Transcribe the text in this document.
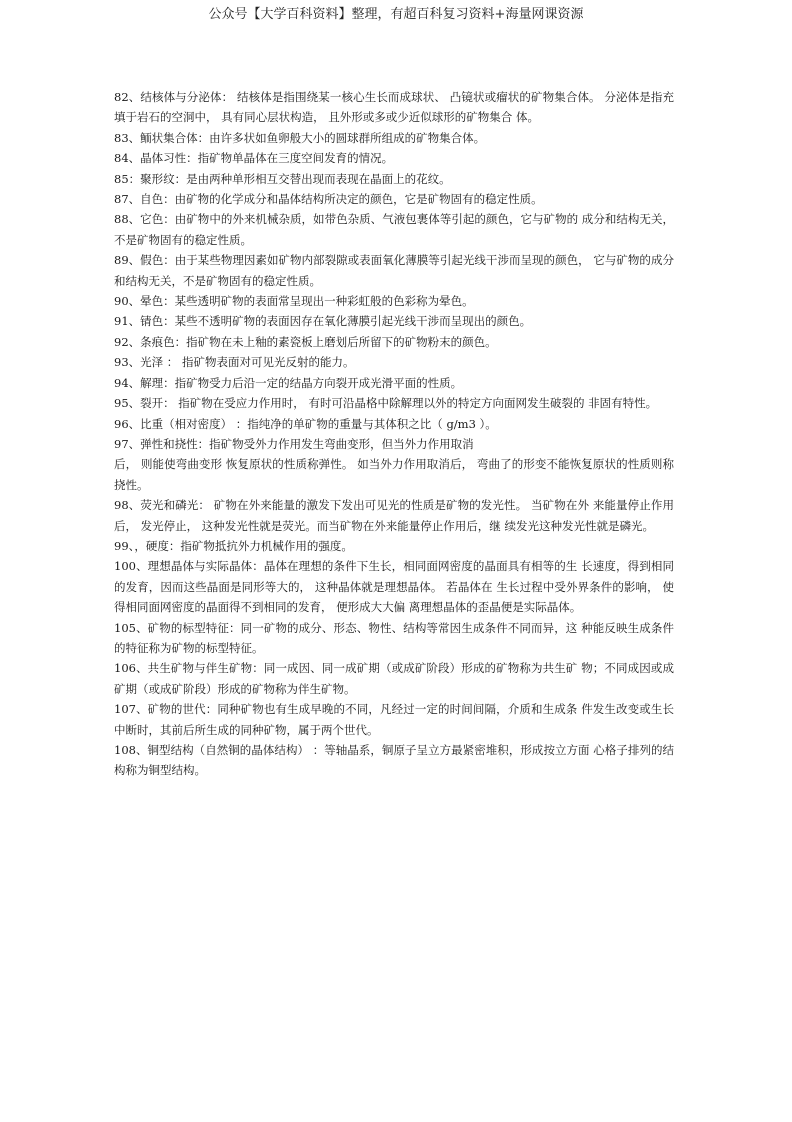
公众号【大学百科资料】整理，有超百科复习资料+海量网课资源

82、结核体与分泌体： 结核体是指围绕某一核心生长而成球状、 凸镜状或瘤状的矿物集合体。 分泌体是指充填于岩石的空洞中， 具有同心层状构造， 且外形或多或少近似球形的矿物集合 体。

83、鲕状集合体：由许多状如鱼卵般大小的圆球群所组成的矿物集合体。

84、晶体习性：指矿物单晶体在三度空间发育的情况。

85：聚形纹：是由两种单形相互交替出现而表现在晶面上的花纹。

87、自色：由矿物的化学成分和晶体结构所决定的颜色，它是矿物固有的稳定性质。

88、它色：由矿物中的外来机械杂质，如带色杂质、气液包裹体等引起的颜色，它与矿物的 成分和结构无关，不是矿物固有的稳定性质。

89、假色：由于某些物理因素如矿物内部裂隙或表面氧化薄膜等引起光线干涉而呈现的颜色， 它与矿物的成分和结构无关，不是矿物固有的稳定性质。

90、晕色：某些透明矿物的表面常呈现出一种彩虹般的色彩称为晕色。

91、锖色：某些不透明矿物的表面因存在氧化薄膜引起光线干涉而呈现出的颜色。

92、条痕色：指矿物在未上釉的素瓷板上磨划后所留下的矿物粉末的颜色。

93、光泽 ： 指矿物表面对可见光反射的能力。

94、解理：指矿物受力后沿一定的结晶方向裂开成光滑平面的性质。

95、裂开： 指矿物在受应力作用时， 有时可沿晶格中除解理以外的特定方向面网发生破裂的 非固有特性。

96、比重（相对密度） ：指纯净的单矿物的重量与其体积之比（ g/m3 ）。

97、弹性和挠性：指矿物受外力作用发生弯曲变形，但当外力作用取消

后， 则能使弯曲变形 恢复原状的性质称弹性。 如当外力作用取消后， 弯曲了的形变不能恢复原状的性质则称挠性。

98、荧光和磷光： 矿物在外来能量的激发下发出可见光的性质是矿物的发光性。 当矿物在外 来能量停止作用后， 发光停止， 这种发光性就是荧光。而当矿物在外来能量停止作用后，继 续发光这种发光性就是磷光。

99、，硬度：指矿物抵抗外力机械作用的强度。

100、理想晶体与实际晶体：晶体在理想的条件下生长，相同面网密度的晶面具有相等的生 长速度，得到相同的发育，因而这些晶面是同形等大的， 这种晶体就是理想晶体。 若晶体在 生长过程中受外界条件的影响， 使得相同面网密度的晶面得不到相同的发育， 便形成大大偏 离理想晶体的歪晶便是实际晶体。

105、矿物的标型特征：同一矿物的成分、形态、物性、结构等常因生成条件不同而异，这 种能反映生成条件的特征称为矿物的标型特征。

106、共生矿物与伴生矿物：同一成因、同一成矿期（或成矿阶段）形成的矿物称为共生矿 物；不同成因或成矿期（或成矿阶段）形成的矿物称为伴生矿物。

107、矿物的世代：同种矿物也有生成早晚的不同，凡经过一定的时间间隔，介质和生成条 件发生改变或生长中断时，其前后所生成的同种矿物，属于两个世代。

108、铜型结构（自然铜的晶体结构） ：等轴晶系，铜原子呈立方最紧密堆积，形成按立方面 心格子排列的结构称为铜型结构。
